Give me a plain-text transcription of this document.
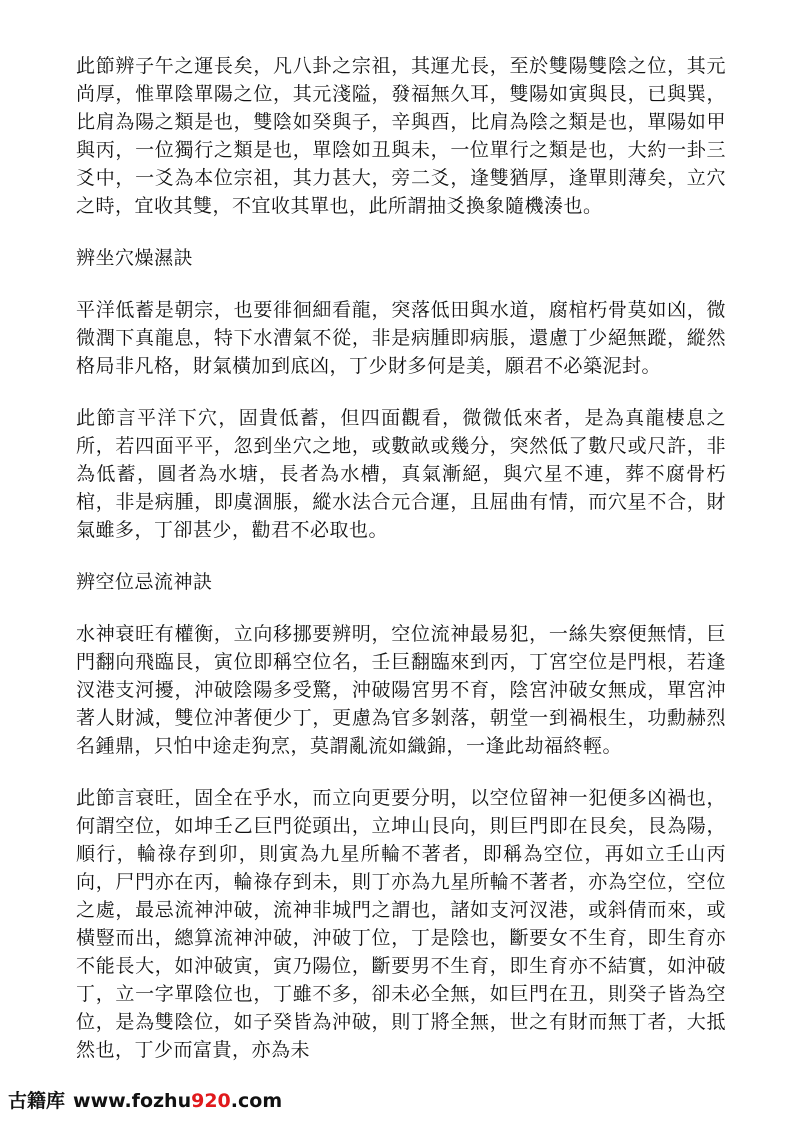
此節辨子午之運長矣，凡八卦之宗祖，其運尤長，至於雙陽雙陰之位，其元尚厚，惟單陰單陽之位，其元淺隘，發福無久耳，雙陽如寅與艮，已與巽，比肩為陽之類是也，雙陰如癸與子，辛與酉，比肩為陰之類是也，單陽如甲與丙，一位獨行之類是也，單陰如丑與未，一位單行之類是也，大約一卦三爻中，一爻為本位宗祖，其力甚大，旁二爻，逢雙猶厚，逢單則薄矣，立穴之時，宜收其雙，不宜收其單也，此所謂抽爻換象隨機湊也。

辨坐穴燥濕訣

平洋低蓄是朝宗，也要徘徊細看龍，突落低田與水道，腐棺朽骨莫如凶，微微潤下真龍息，特下水漕氣不從，非是病腫即病脹，還慮丁少絕無蹤，縱然格局非凡格，財氣橫加到底凶，丁少財多何是美，願君不必築泥封。

此節言平洋下穴，固貴低蓄，但四面觀看，微微低來者，是為真龍棲息之所，若四面平平，忽到坐穴之地，或數畝或幾分，突然低了數尺或尺許，非為低蓄，圓者為水塘，長者為水槽，真氣漸絕，與穴星不連，葬不腐骨朽棺，非是病腫，即虞涸脹，縱水法合元合運，且屈曲有情，而穴星不合，財氣雖多，丁卻甚少，勸君不必取也。

辨空位忌流神訣

水神衰旺有權衡，立向移挪要辨明，空位流神最易犯，一絲失察便無情，巨門翻向飛臨艮，寅位即稱空位名，壬巨翻臨來到丙，丁宮空位是門根，若逢汊港支河擾，沖破陰陽多受驚，沖破陽宮男不育，陰宮沖破女無成，單宮沖著人財減，雙位沖著便少丁，更慮為官多剝落，朝堂一到禍根生，功勳赫烈名鍾鼎，只怕中途走狗烹，莫謂亂流如織錦，一逢此劫福終輕。

此節言衰旺，固全在乎水，而立向更要分明，以空位留神一犯便多凶禍也，何謂空位，如坤壬乙巨門從頭出，立坤山艮向，則巨門即在艮矣，艮為陽，順行，輪祿存到卯，則寅為九星所輪不著者，即稱為空位，再如立壬山丙向，尸門亦在丙，輪祿存到未，則丁亦為九星所輪不著者，亦為空位，空位之處，最忌流神沖破，流神非城門之謂也，諸如支河汊港，或斜倩而來，或橫豎而出，總算流神沖破，沖破丁位，丁是陰也，斷要女不生育，即生育亦不能長大，如沖破寅，寅乃陽位，斷要男不生育，即生育亦不結實，如沖破丁，立一字單陰位也，丁雖不多，卻未必全無，如巨門在丑，則癸子皆為空位，是為雙陰位，如子癸皆為沖破，則丁將全無，世之有財而無丁者，大抵然也，丁少而富貴，亦為未

古籍库 www.fozhu920.com
